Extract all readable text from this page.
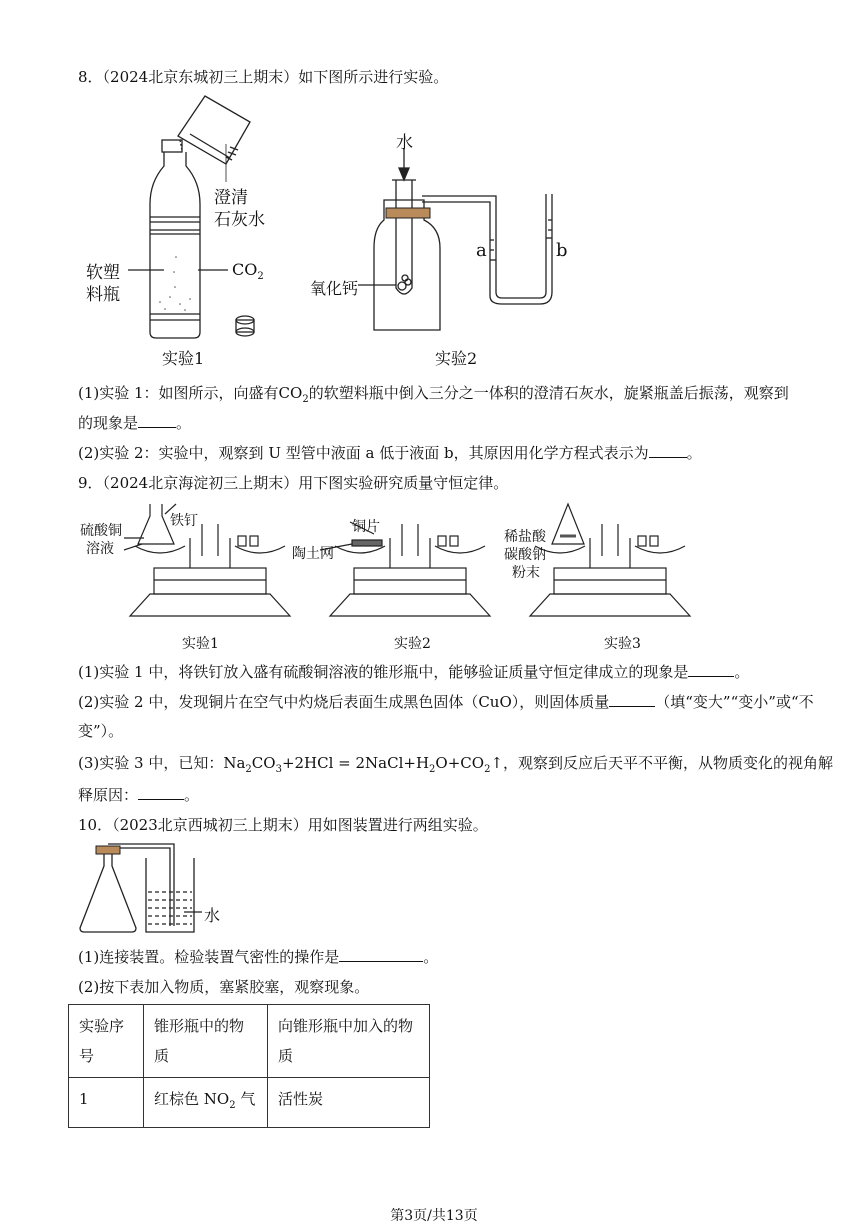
8．（2024北京东城初三上期末）如下图所示进行实验。
澄清
石灰水
软塑
料瓶
$CO_2$
实验1
水
氧化钙
a	b
实验2
(1)实验 1：如图所示，向盛有$CO_2$的软塑料瓶中倒入三分之一体积的澄清石灰水，旋紧瓶盖后振荡，观察到
的现象是	。
(2)实验 2：实验中，观察到 U 型管中液面 a 低于液面 b，其原因用化学方程式表示为	。
9．（2024北京海淀初三上期末）用下图实验研究质量守恒定律。
硫酸铜
溶液
铁钉
实验1
铜片
陶土网
实验2
稀盐酸
碳酸钠
粉末
实验3
(1)实验 1 中，将铁钉放入盛有硫酸铜溶液的锥形瓶中，能够验证质量守恒定律成立的现象是	。
(2)实验 2 中，发现铜片在空气中灼烧后表面生成黑色固体（CuO），则固体质量	（填“变大”“变小”或“不
变”）。
(3)实验 3 中，已知：$Na_2CO_3+2HCl$ = $2NaCl+H_2O+CO_2↑$，观察到反应后天平不平衡，从物质变化的视角解
释原因：	。
10．（2023北京西城初三上期末）用如图装置进行两组实验。
水
(1)连接装置。检验装置气密性的操作是	。
(2)按下表加入物质，塞紧胶塞，观察现象。
实验序号	锥形瓶中的物质	向锥形瓶中加入的物质
1	红棕色 $NO_2$ 气	活性炭
第3页/共13页
